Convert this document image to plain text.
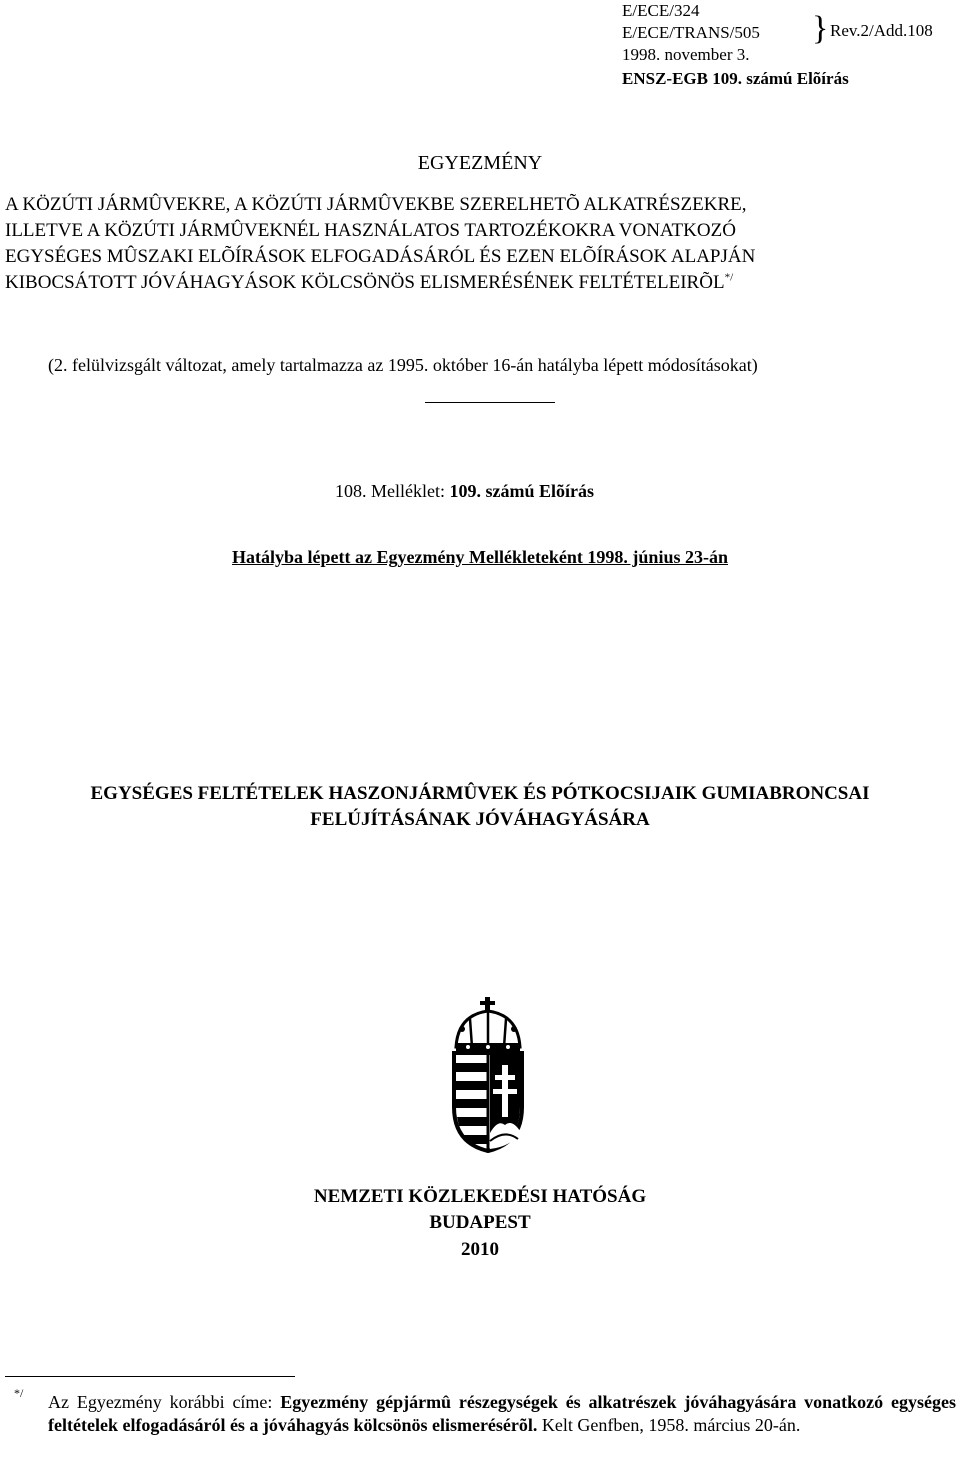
E/ECE/324
E/ECE/TRANS/505 } Rev.2/Add.108
1998. november 3.
ENSZ-EGB 109. számú Elõírás
EGYEZMÉNY

A KÖZÚTI JÁRMÛVEKRE, A KÖZÚTI JÁRMÛVEKBE SZERELHETÕ ALKATRÉSZEKRE,

ILLETVE A KÖZÚTI JÁRMÛVEKNÉL HASZNÁLATOS TARTOZÉKOKRA VONATKOZÓ

EGYSÉGES MÛSZAKI ELÕÍRÁSOK ELFOGADÁSÁRÓL ÉS EZEN ELÕÍRÁSOK ALAPJÁN

KIBOCSÁTOTT JÓVÁHAGYÁSOK KÖLCSÖNÖS ELISMERÉSÉNEK FELTÉTELEIRÕL*/

(2. felülvizsgált változat, amely tartalmazza az 1995. október 16-án hatályba lépett módosításokat)
108. Melléklet: 109. számú Elõírás
Hatályba lépett az Egyezmény Mellékleteként 1998. június 23-án
EGYSÉGES FELTÉTELEK HASZONJÁRMÛVEK ÉS PÓTKOCSIJAIK GUMIABRONCSAI
FELÚJÍTÁSÁNAK JÓVÁHAGYÁSÁRA
NEMZETI KÖZLEKEDÉSI HATÓSÁG
BUDAPEST
2010
*/ Az Egyezmény korábbi címe: Egyezmény gépjármû részegységek és alkatrészek jóváhagyására vonatkozó egységes feltételek elfogadásáról és a jóváhagyás kölcsönös elismerésérõl. Kelt Genfben, 1958. március 20-án.
